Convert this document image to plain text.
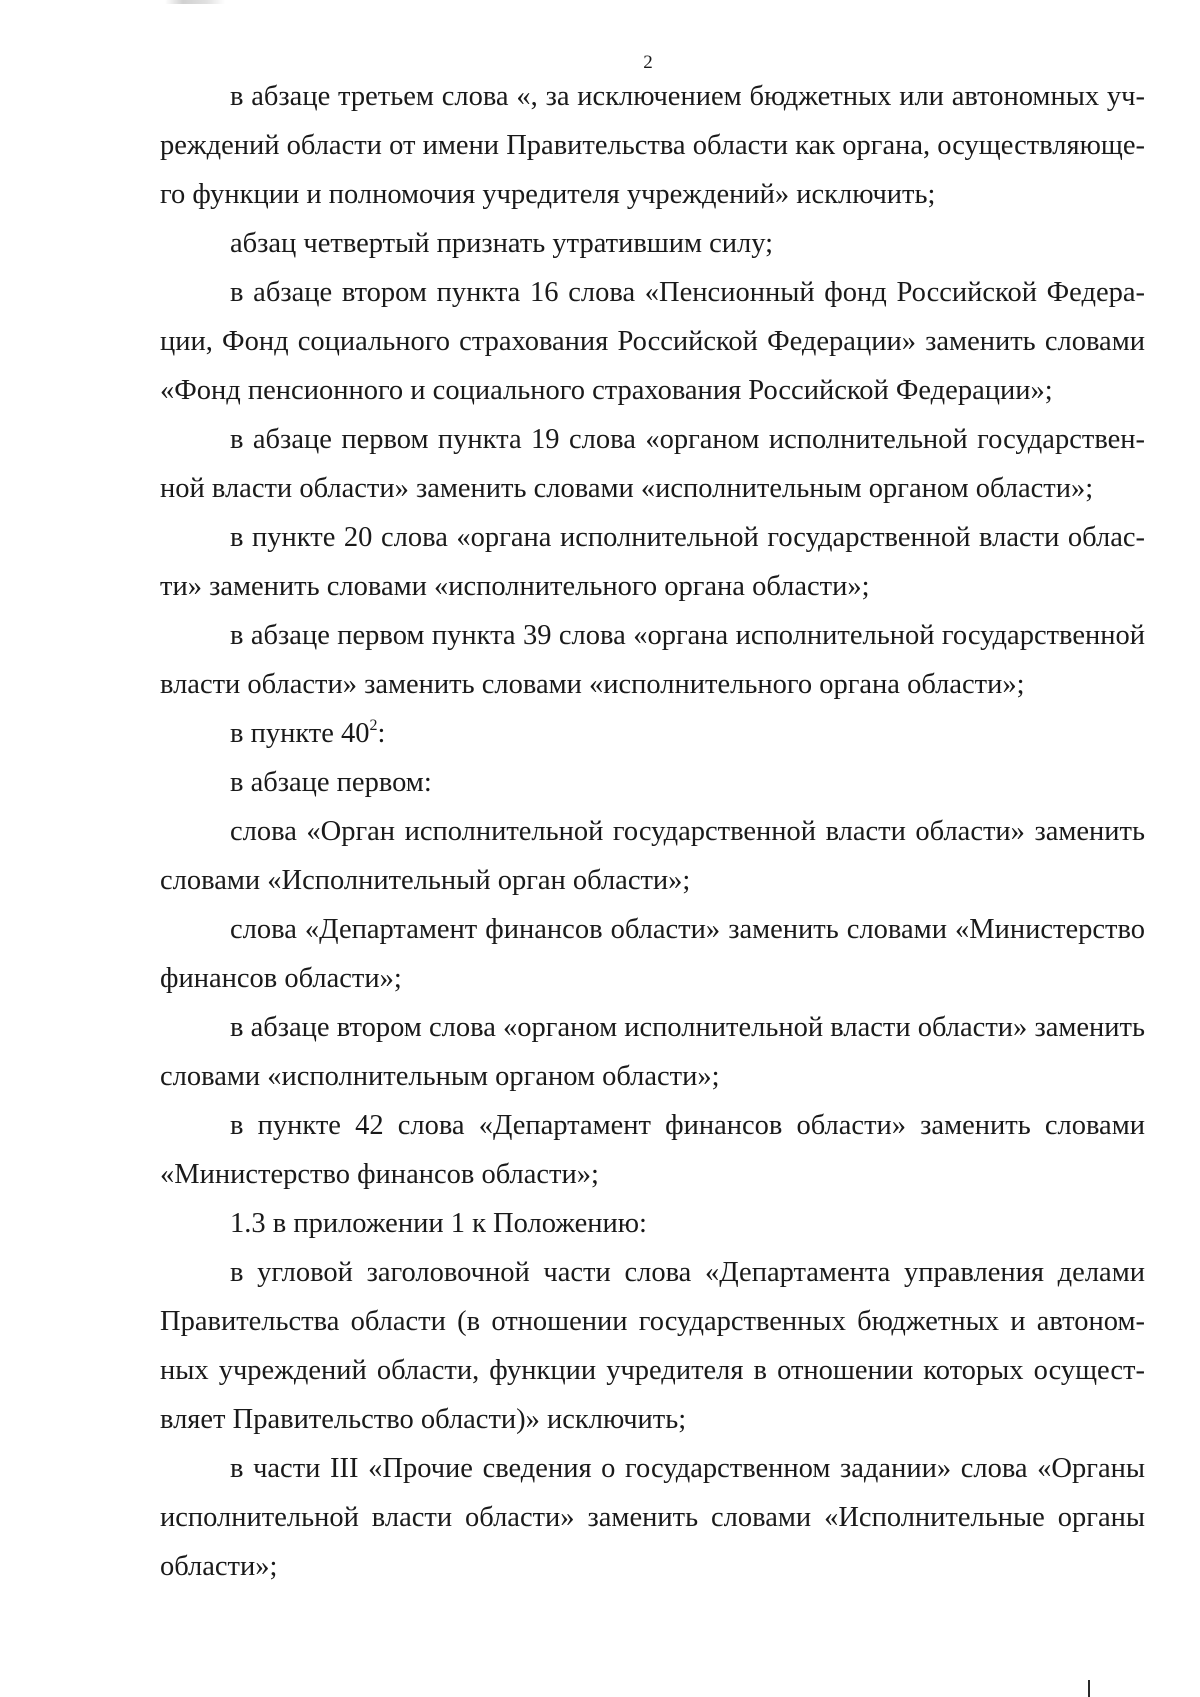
2
в абзаце третьем слова «, за исключением бюджетных или автономных уч-
реждений области от имени Правительства области как органа, осуществляюще-
го функции и полномочия учредителя учреждений» исключить;
абзац четвертый признать утратившим силу;
в абзаце втором пункта 16 слова «Пенсионный фонд Российской Федера-
ции, Фонд социального страхования Российской Федерации» заменить словами
«Фонд пенсионного и социального страхования Российской Федерации»;
в абзаце первом пункта 19 слова «органом исполнительной государствен-
ной власти области» заменить словами «исполнительным органом области»;
в пункте 20 слова «органа исполнительной государственной власти облас-
ти» заменить словами «исполнительного органа области»;
в абзаце первом пункта 39 слова «органа исполнительной государственной
власти области» заменить словами «исполнительного органа области»;
в пункте $40^2$:
в абзаце первом:
слова «Орган исполнительной государственной власти области» заменить
словами «Исполнительный орган области»;
слова «Департамент финансов области» заменить словами «Министерство
финансов области»;
в абзаце втором слова «органом исполнительной власти области» заменить
словами «исполнительным органом области»;
в пункте 42 слова «Департамент финансов области» заменить словами
«Министерство финансов области»;
1.3 в приложении 1 к Положению:
в угловой заголовочной части слова «Департамента управления делами
Правительства области (в отношении государственных бюджетных и автоном-
ных учреждений области, функции учредителя в отношении которых осущест-
вляет Правительство области)» исключить;
в части III «Прочие сведения о государственном задании» слова «Органы
исполнительной власти области» заменить словами «Исполнительные органы
области»;
